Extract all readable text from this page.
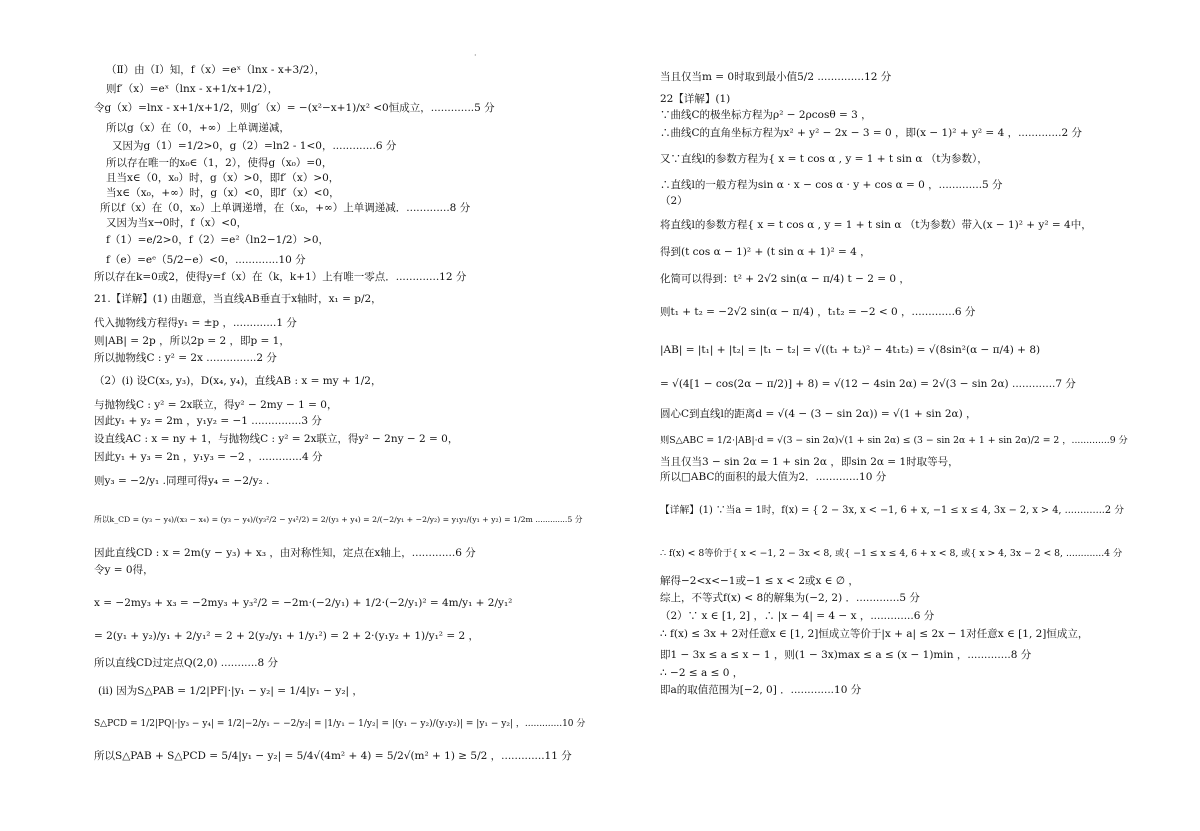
·
（Ⅱ）由（Ⅰ）知，f（x）=eˣ（lnx - x+3/2），
则f′（x）=eˣ（lnx - x+1/x+1/2），
令g（x）=lnx - x+1/x+1/2，则g′（x）= −(x²−x+1)/x² <0恒成立，.............5 分
所以g（x）在（0，+∞）上单调递减，
又因为g（1）=1/2>0，g（2）=ln2 - 1<0，.............6 分
所以存在唯一的x₀∈（1，2），使得g（x₀）=0，
且当x∈（0，x₀）时，g（x）>0，即f′（x）>0，
当x∈（x₀，+∞）时，g（x）<0，即f′（x）<0，
所以f（x）在（0，x₀）上单调递增，在（x₀，+∞）上单调递减．.............8 分
又因为当x→0时，f（x）<0，
f（1）=e/2>0，f（2）=e²（ln2−1/2）>0，
f（e）=eᵉ（5/2−e）<0，.............10 分
所以存在k=0或2，使得y=f（x）在（k，k+1）上有唯一零点．.............12 分
21.【详解】(1) 由题意，当直线AB垂直于x轴时，x₁ = p/2，
代入抛物线方程得y₁ = ±p ，.............1 分
则|AB| = 2p ，所以2p = 2 ，即p = 1，
所以抛物线C : y² = 2x ...............2 分
（2）(i) 设C(x₃, y₃)，D(x₄, y₄)，直线AB : x = my + 1/2，
与抛物线C : y² = 2x联立，得y² − 2my − 1 = 0，
因此y₁ + y₂ = 2m ，y₁y₂ = −1 ...............3 分
设直线AC : x = ny + 1，与抛物线C : y² = 2x联立，得y² − 2ny − 2 = 0，
因此y₁ + y₃ = 2n ，y₁y₃ = −2 ，.............4 分
则y₃ = −2/y₁ .同理可得y₄ = −2/y₂ .
所以k_CD = (y₃ − y₄)/(x₃ − x₄) = (y₃ − y₄)/(y₃²/2 − y₄²/2) = 2/(y₃ + y₄) = 2/(−2/y₁ + −2/y₂) = y₁y₂/(y₁ + y₂) = 1/2m .............5 分
因此直线CD : x = 2m(y − y₃) + x₃ ，由对称性知，定点在x轴上，.............6 分
令y = 0得，
x = −2my₃ + x₃ = −2my₃ + y₃²/2 = −2m·(−2/y₁) + 1/2·(−2/y₁)² = 4m/y₁ + 2/y₁²
= 2(y₁ + y₂)/y₁ + 2/y₁² = 2 + 2(y₂/y₁ + 1/y₁²) = 2 + 2·(y₁y₂ + 1)/y₁² = 2 ，
所以直线CD过定点Q(2,0) ...........8 分
(ii) 因为S△PAB = 1/2|PF|·|y₁ − y₂| = 1/4|y₁ − y₂| ，
S△PCD = 1/2|PQ|·|y₃ − y₄| = 1/2|−2/y₁ − −2/y₂| = |1/y₁ − 1/y₂| = |(y₁ − y₂)/(y₁y₂)| = |y₁ − y₂| ，.............10 分
所以S△PAB + S△PCD = 5/4|y₁ − y₂| = 5/4√(4m² + 4) = 5/2√(m² + 1) ≥ 5/2 ，.............11 分
当且仅当m = 0时取到最小值5/2 ..............12 分
22【详解】(1)
∵曲线C的极坐标方程为ρ² − 2ρcosθ = 3 ，
∴曲线C的直角坐标方程为x² + y² − 2x − 3 = 0 ，即(x − 1)² + y² = 4 ，.............2 分
又∵直线l的参数方程为{ x = t cos α , y = 1 + t sin α （t为参数），
∴直线l的一般方程为sin α · x − cos α · y + cos α = 0 ，.............5 分
（2）
将直线l的参数方程{ x = t cos α , y = 1 + t sin α （t为参数）带入(x − 1)² + y² = 4中，
得到(t cos α − 1)² + (t sin α + 1)² = 4 ，
化简可以得到：t² + 2√2 sin(α − π/4) t − 2 = 0 ，
则t₁ + t₂ = −2√2 sin(α − π/4) ，t₁t₂ = −2 < 0 ，.............6 分
|AB| = |t₁| + |t₂| = |t₁ − t₂| = √((t₁ + t₂)² − 4t₁t₂) = √(8sin²(α − π/4) + 8)
= √(4[1 − cos(2α − π/2)] + 8) = √(12 − 4sin 2α) = 2√(3 − sin 2α) .............7 分
圆心C到直线l的距离d = √(4 − (3 − sin 2α)) = √(1 + sin 2α) ，
则S△ABC = 1/2·|AB|·d = √(3 − sin 2α)√(1 + sin 2α) ≤ (3 − sin 2α + 1 + sin 2α)/2 = 2 ，.............9 分
当且仅当3 − sin 2α = 1 + sin 2α ，即sin 2α = 1时取等号，
所以□ABC的面积的最大值为2．.............10 分
【详解】(1) ∵当a = 1时，f(x) = { 2 − 3x, x < −1, 6 + x, −1 ≤ x ≤ 4, 3x − 2, x > 4, .............2 分
∴ f(x) < 8等价于{ x < −1, 2 − 3x < 8, 或{ −1 ≤ x ≤ 4, 6 + x < 8, 或{ x > 4, 3x − 2 < 8, .............4 分
解得−2<x<−1或−1 ≤ x < 2或x ∈ ∅ ，
综上，不等式f(x) < 8的解集为(−2, 2) ．.............5 分
（2）∵ x ∈ [1, 2] ，∴ |x − 4| = 4 − x ，.............6 分
∴ f(x) ≤ 3x + 2对任意x ∈ [1, 2]恒成立等价于|x + a| ≤ 2x − 1对任意x ∈ [1, 2]恒成立，
即1 − 3x ≤ a ≤ x − 1 ，则(1 − 3x)max ≤ a ≤ (x − 1)min ，.............8 分
∴ −2 ≤ a ≤ 0 ，
即a的取值范围为[−2, 0] ．.............10 分
